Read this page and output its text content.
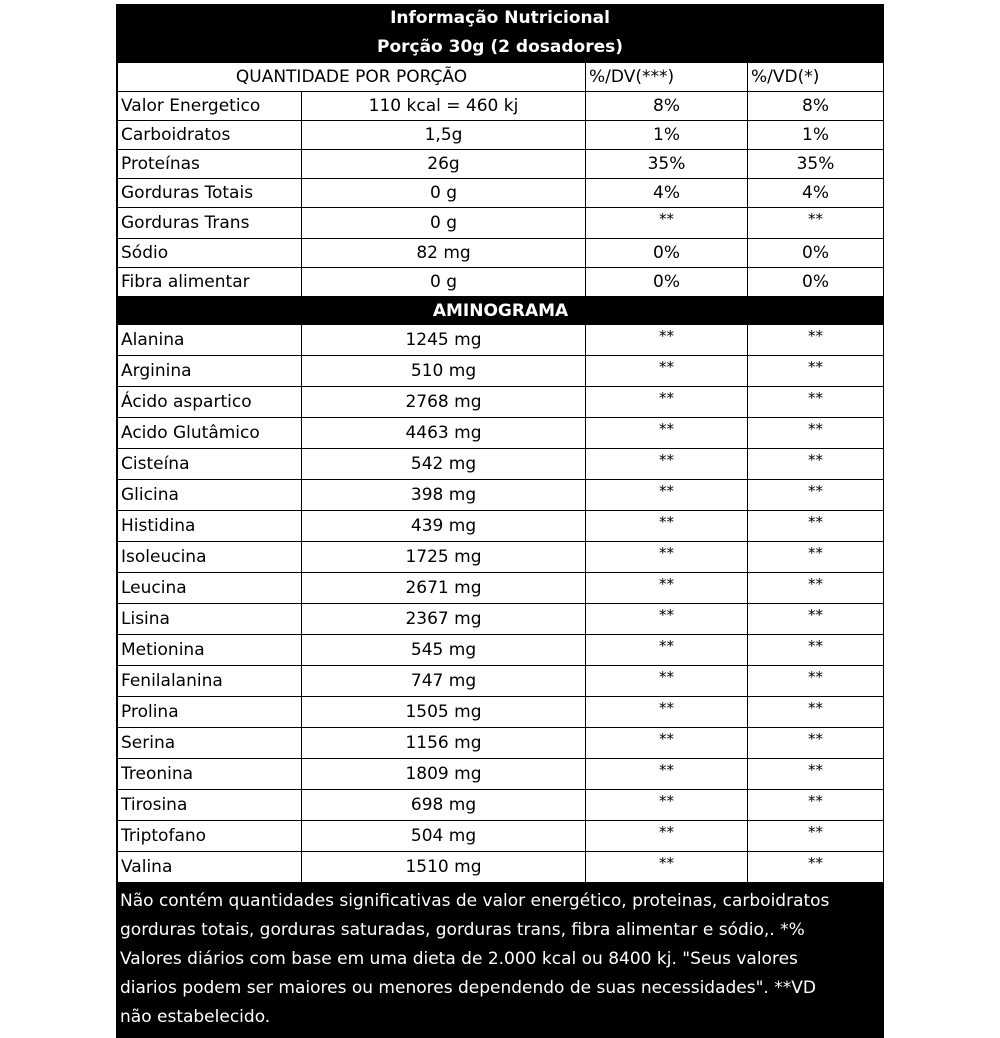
Informação Nutricional
Porção 30g (2 dosadores)
QUANTIDADE POR PORÇÃO		%/DV(***)	%/VD(*)
Valor Energetico	110 kcal = 460 kj	8%	8%
Carboidratos	1,5g	1%	1%
Proteínas	26g	35%	35%
Gorduras Totais	0 g	4%	4%
Gorduras Trans	0 g	**	**
Sódio	82 mg	0%	0%
Fibra alimentar	0 g	0%	0%
AMINOGRAMA			
Alanina	1245 mg	**	**
Arginina	510 mg	**	**
Ácido aspartico	2768 mg	**	**
Acido Glutâmico	4463 mg	**	**
Cisteína	542 mg	**	**
Glicina	398 mg	**	**
Histidina	439 mg	**	**
Isoleucina	1725 mg	**	**
Leucina	2671 mg	**	**
Lisina	2367 mg	**	**
Metionina	545 mg	**	**
Fenilalanina	747 mg	**	**
Prolina	1505 mg	**	**
Serina	1156 mg	**	**
Treonina	1809 mg	**	**
Tirosina	698 mg	**	**
Triptofano	504 mg	**	**
Valina	1510 mg	**	**
Não contém quantidades significativas de valor energético, proteinas, carboidratos
gorduras totais, gorduras saturadas, gorduras trans, fibra alimentar e sódio,. *%
Valores diários com base em uma dieta de 2.000 kcal ou 8400 kj. "Seus valores
diarios podem ser maiores ou menores dependendo de suas necessidades". **VD
não estabelecido.
